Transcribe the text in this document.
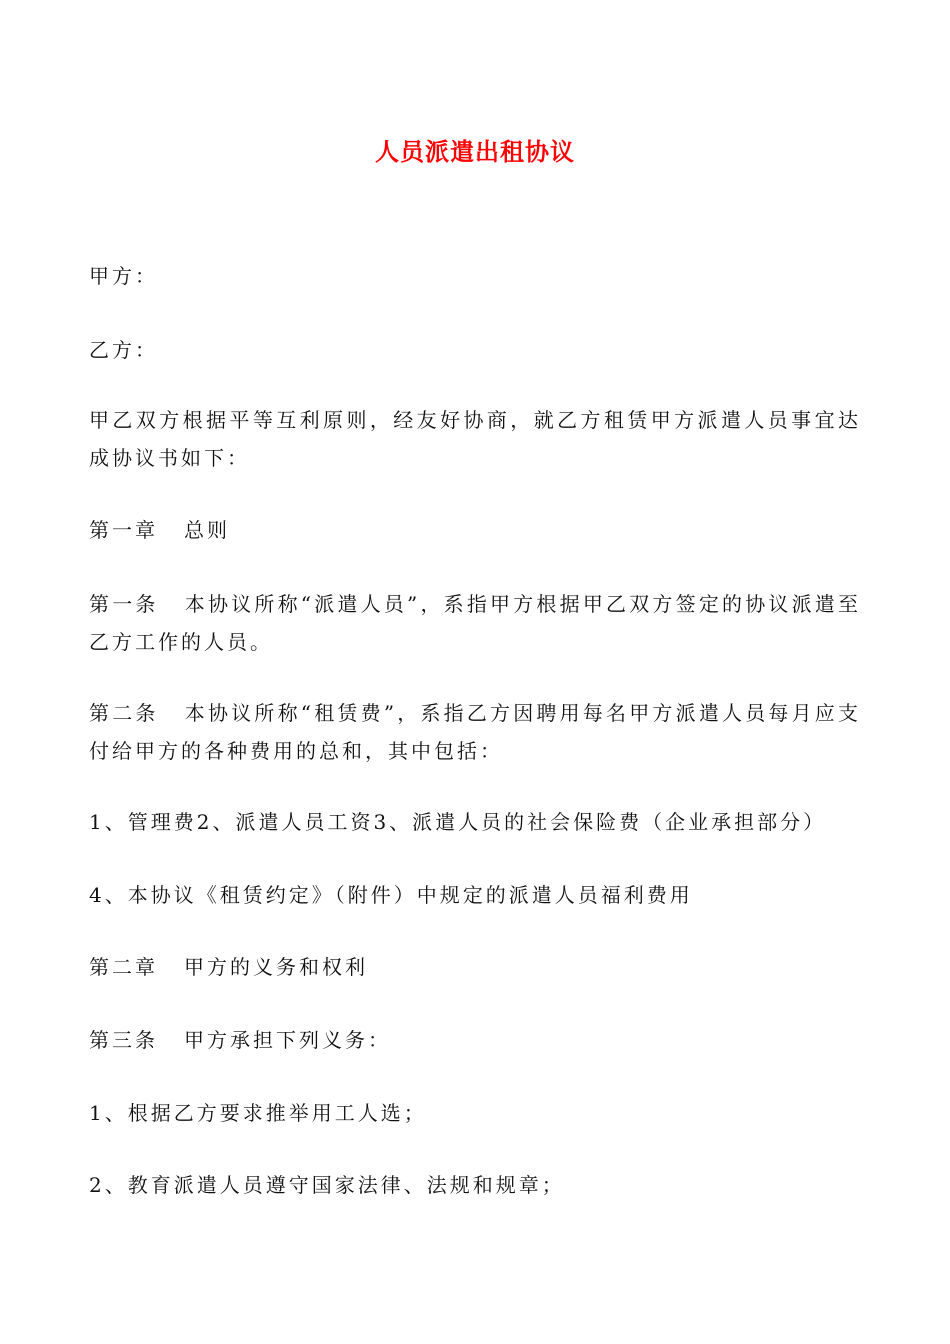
人员派遣出租协议
甲方：
乙方：
甲乙双方根据平等互利原则，经友好协商，就乙方租赁甲方派遣人员事宜达成协议书如下：
第一章 总则
第一条 本协议所称“派遣人员”，系指甲方根据甲乙双方签定的协议派遣至乙方工作的人员。
第二条 本协议所称“租赁费”，系指乙方因聘用每名甲方派遣人员每月应支付给甲方的各种费用的总和，其中包括：
1、管理费2、派遣人员工资3、派遣人员的社会保险费（企业承担部分）
4、本协议《租赁约定》（附件）中规定的派遣人员福利费用
第二章 甲方的义务和权利
第三条 甲方承担下列义务：
1、根据乙方要求推举用工人选；
2、教育派遣人员遵守国家法律、法规和规章；
